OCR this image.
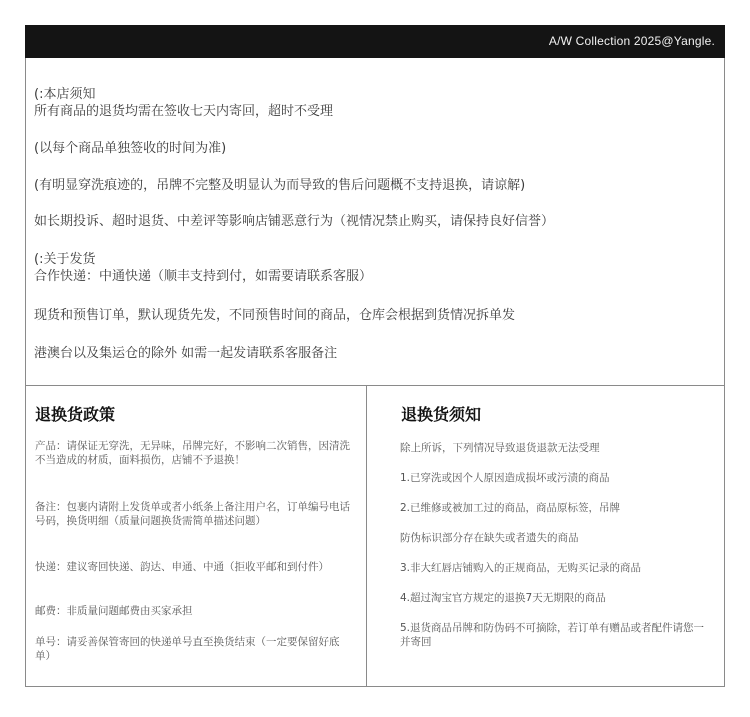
A/W Collection 2025@Yangle.

(:本店须知

所有商品的退货均需在签收七天内寄回，超时不受理

(以每个商品单独签收的时间为准)

(有明显穿洗痕迹的，吊牌不完整及明显认为而导致的售后问题概不支持退换，请谅解)

如长期投诉、超时退货、中差评等影响店铺恶意行为（视情况禁止购买，请保持良好信誉）

(:关于发货

合作快递：中通快递（顺丰支持到付，如需要请联系客服）

现货和预售订单，默认现货先发，不同预售时间的商品，仓库会根据到货情况拆单发

港澳台以及集运仓的除外 如需一起发请联系客服备注

退换货政策

产品：请保证无穿洗，无异味，吊牌完好，不影响二次销售，因清洗不当造成的材质，面料损伤，店铺不予退换！

备注：包裹内请附上发货单或者小纸条上备注用户名，订单编号电话号码，换货明细（质量问题换货需简单描述问题）

快递：建议寄回快递、韵达、申通、中通（拒收平邮和到付件）

邮费：非质量问题邮费由买家承担

单号：请妥善保管寄回的快递单号直至换货结束（一定要保留好底单）

退换货须知

除上所诉，下列情况导致退货退款无法受理

1.已穿洗或因个人原因造成损坏或污渍的商品

2.已维修或被加工过的商品，商品原标签，吊牌

防伪标识部分存在缺失或者遗失的商品

3.非大红唇店铺购入的正规商品，无购买记录的商品

4.超过淘宝官方规定的退换7天无期限的商品

5.退货商品吊牌和防伪码不可摘除，若订单有赠品或者配件请您一并寄回
